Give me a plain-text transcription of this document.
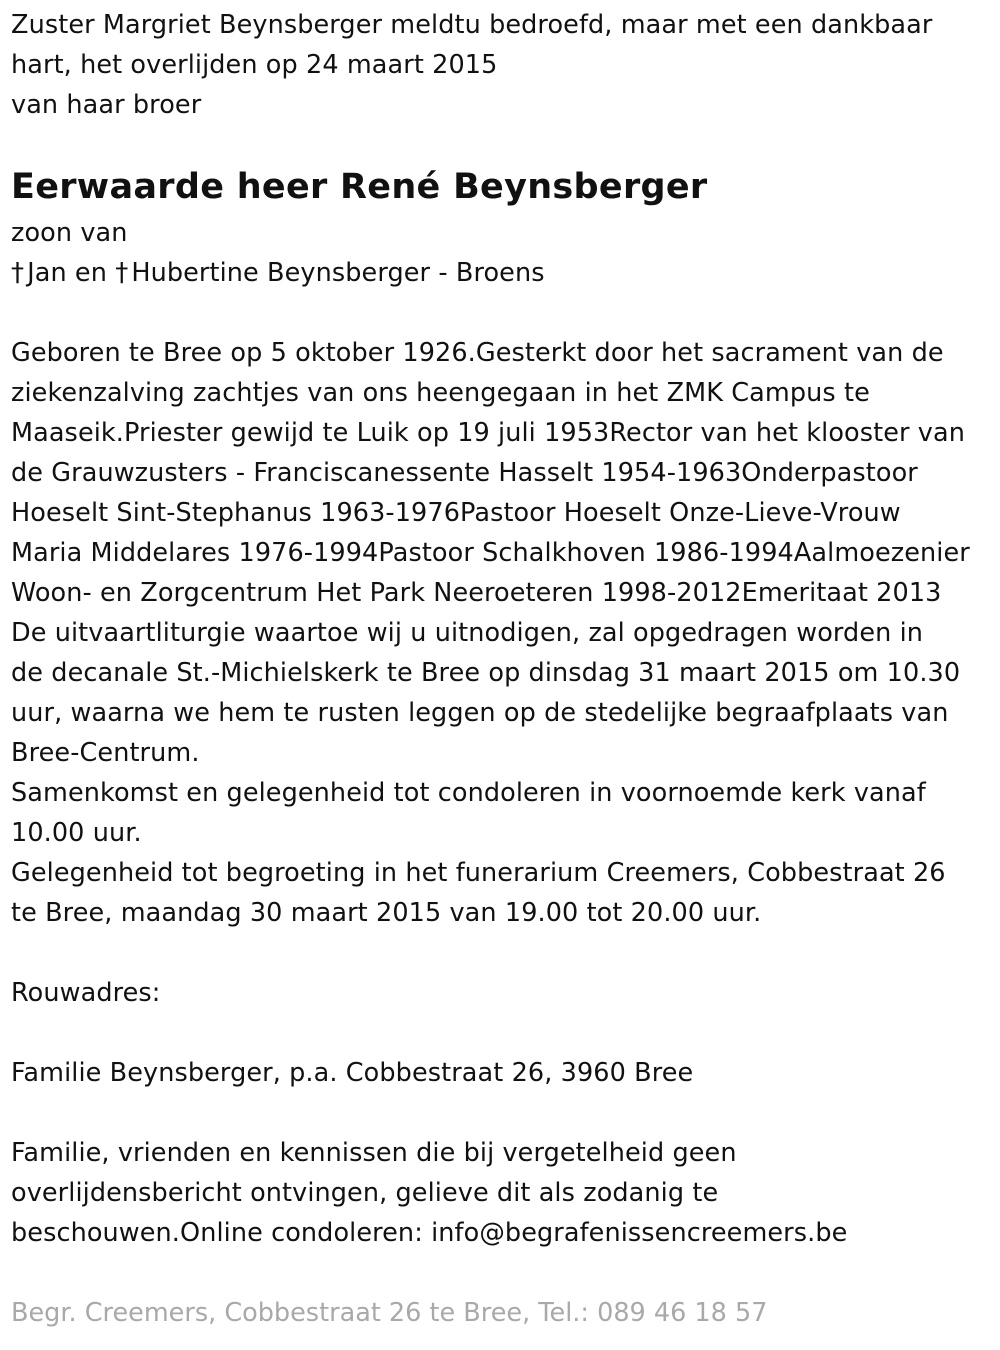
Zuster Margriet Beynsberger meldtu bedroefd, maar met een dankbaar
hart, het overlijden op 24 maart 2015
van haar broer
Eerwaarde heer René Beynsberger
zoon van
† Jan en † Hubertine Beynsberger - Broens
Geboren te Bree op 5 oktober 1926.Gesterkt door het sacrament van de
ziekenzalving zachtjes van ons heengegaan in het ZMK Campus te
Maaseik.Priester gewijd te Luik op 19 juli 1953Rector van het klooster van
de Grauwzusters - Franciscanessente Hasselt 1954-1963Onderpastoor
Hoeselt Sint-Stephanus 1963-1976Pastoor Hoeselt Onze-Lieve-Vrouw
Maria Middelares 1976-1994Pastoor Schalkhoven 1986-1994Aalmoezenier
Woon- en Zorgcentrum Het Park Neeroeteren 1998-2012Emeritaat 2013
De uitvaartliturgie waartoe wij u uitnodigen, zal opgedragen worden in
de decanale St.-Michielskerk te Bree op dinsdag 31 maart 2015 om 10.30
uur, waarna we hem te rusten leggen op de stedelijke begraafplaats van
Bree-Centrum.
Samenkomst en gelegenheid tot condoleren in voornoemde kerk vanaf
10.00 uur.
Gelegenheid tot begroeting in het funerarium Creemers, Cobbestraat 26
te Bree, maandag 30 maart 2015 van 19.00 tot 20.00 uur.
Rouwadres:
Familie Beynsberger, p.a. Cobbestraat 26, 3960 Bree
Familie, vrienden en kennissen die bij vergetelheid geen
overlijdensbericht ontvingen, gelieve dit als zodanig te
beschouwen.Online condoleren: info@begrafenissencreemers.be
Begr. Creemers, Cobbestraat 26 te Bree, Tel.: 089 46 18 57
